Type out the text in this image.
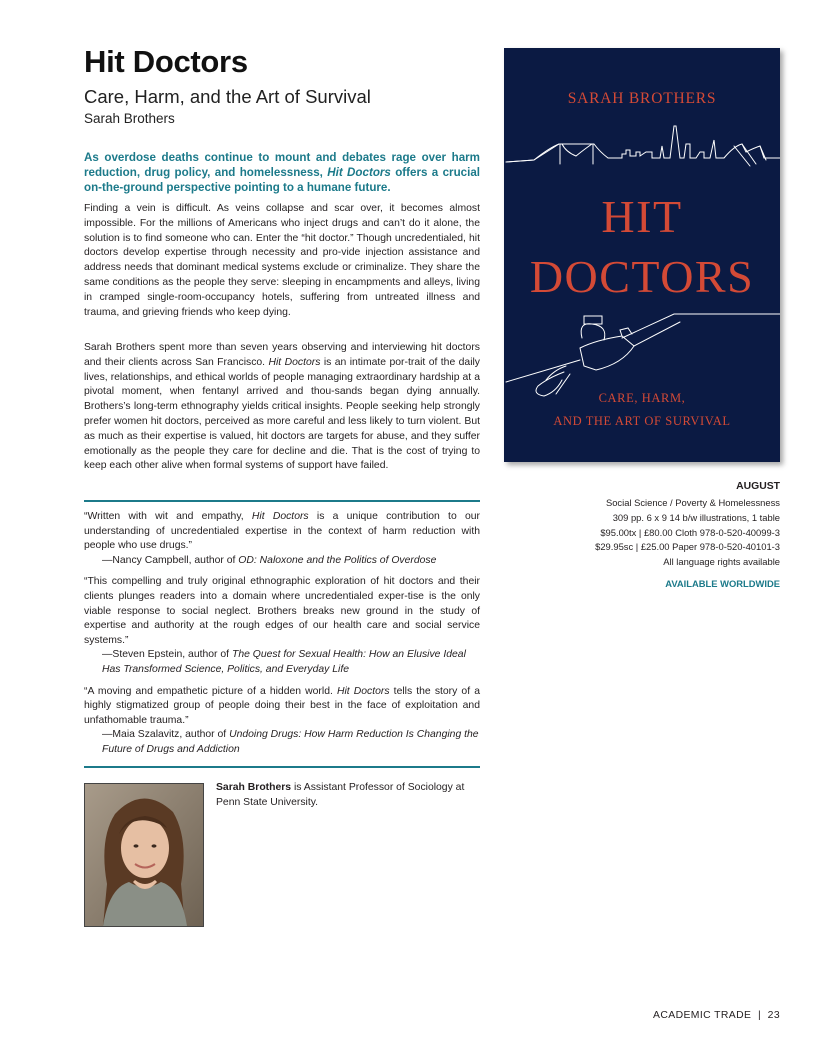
Hit Doctors
Care, Harm, and the Art of Survival
Sarah Brothers
As overdose deaths continue to mount and debates rage over harm reduction, drug policy, and homelessness, Hit Doctors offers a crucial on-the-ground perspective pointing to a humane future.

Finding a vein is difficult. As veins collapse and scar over, it becomes almost impossible. For the millions of Americans who inject drugs and can’t do it alone, the solution is to find someone who can. Enter the “hit doctor.” Though uncredentialed, hit doctors develop expertise through necessity and pro-vide injection assistance and address needs that dominant medical systems exclude or criminalize. They share the same conditions as the people they serve: sleeping in encampments and alleys, living in cramped single-room-occupancy hotels, suffering from untreated illness and trauma, and grieving friends who keep dying.

Sarah Brothers spent more than seven years observing and interviewing hit doctors and their clients across San Francisco. Hit Doctors is an intimate por-trait of the daily lives, relationships, and ethical worlds of people managing extraordinary hardship at a pivotal moment, when fentanyl arrived and thou-sands began dying annually. Brothers’s long-term ethnography yields critical insights. People seeking help strongly prefer women hit doctors, perceived as more careful and less likely to turn violent. But as much as their expertise is valued, hit doctors are targets for abuse, and they suffer emotionally as the people they care for decline and die. That is the cost of trying to keep each other alive when formal systems of support have failed.

“Written with wit and empathy, Hit Doctors is a unique contribution to our understanding of uncredentialed expertise in the context of harm reduction with people who use drugs.”
—Nancy Campbell, author of OD: Naloxone and the Politics of Overdose
“This compelling and truly original ethnographic exploration of hit doctors and their clients plunges readers into a domain where uncredentialed exper-tise is the only viable response to social neglect. Brothers breaks new ground in the study of expertise and authority at the rough edges of our health care and social service systems.”
—Steven Epstein, author of The Quest for Sexual Health: How an Elusive Ideal Has Transformed Science, Politics, and Everyday Life
“A moving and empathetic picture of a hidden world. Hit Doctors tells the story of a highly stigmatized group of people doing their best in the face of exploitation and unfathomable trauma.”
—Maia Szalavitz, author of Undoing Drugs: How Harm Reduction Is Changing the Future of Drugs and Addiction
Sarah Brothers is Assistant Professor of Sociology at Penn State University.
SARAH BROTHERS
HIT
DOCTORS
CARE, HARM,
AND THE ART OF SURVIVAL
AUGUST
Social Science / Poverty & Homelessness
309 pp. 6 x 9 14 b/w illustrations, 1 table
$95.00tx | £80.00 Cloth 978-0-520-40099-3
$29.95sc | £25.00 Paper 978-0-520-40101-3
All language rights available
AVAILABLE WORLDWIDE
ACADEMIC TRADE | 23
